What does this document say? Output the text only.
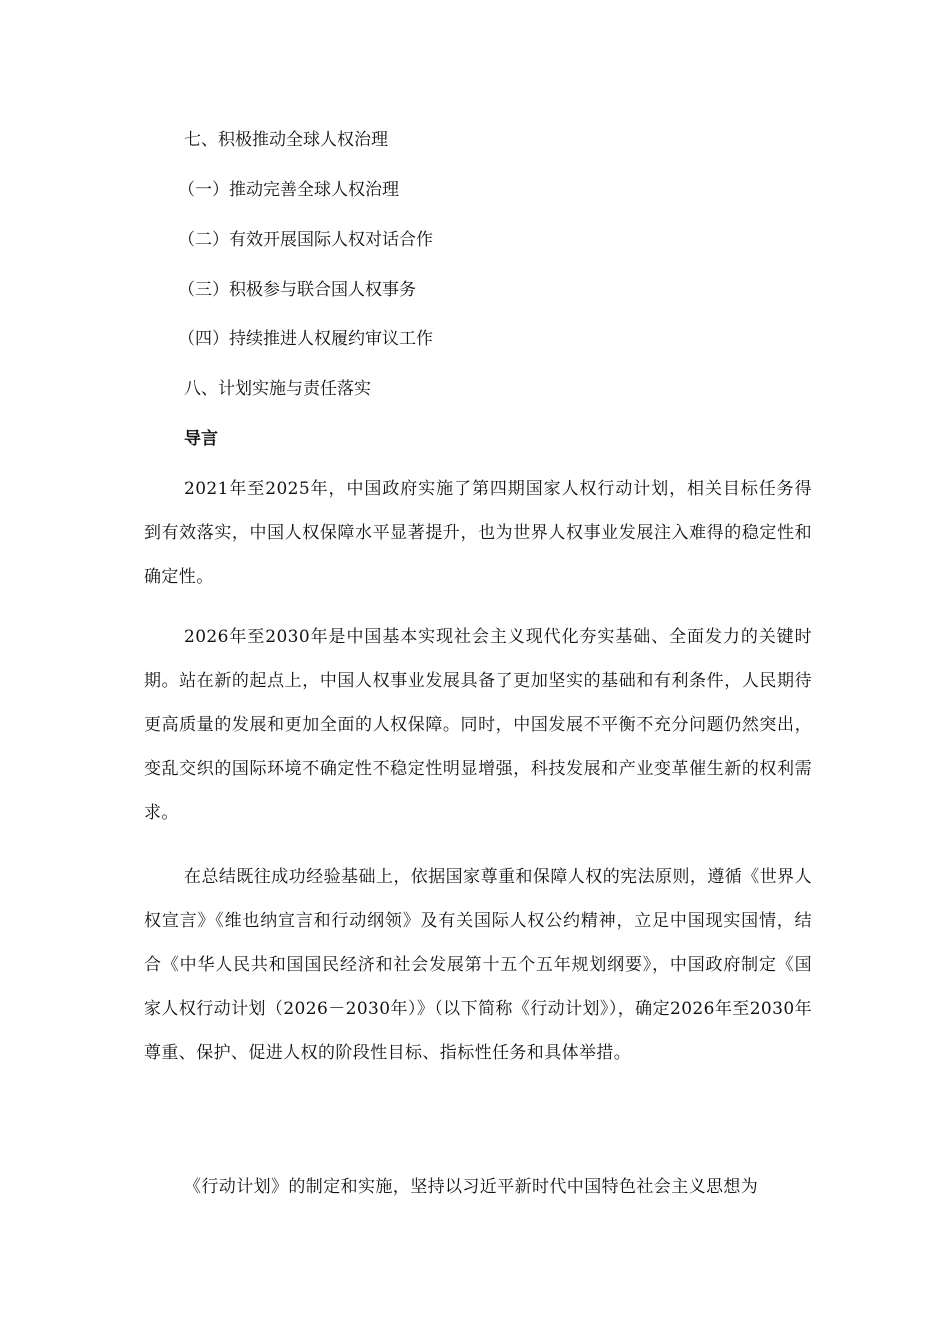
七、积极推动全球人权治理
（一）推动完善全球人权治理
（二）有效开展国际人权对话合作
（三）积极参与联合国人权事务
（四）持续推进人权履约审议工作
八、计划实施与责任落实
导言

2021年至2025年，中国政府实施了第四期国家人权行动计划，相关目标任务得到有效落实，中国人权保障水平显著提升，也为世界人权事业发展注入难得的稳定性和确定性。

2026年至2030年是中国基本实现社会主义现代化夯实基础、全面发力的关键时期。站在新的起点上，中国人权事业发展具备了更加坚实的基础和有利条件，人民期待更高质量的发展和更加全面的人权保障。同时，中国发展不平衡不充分问题仍然突出，变乱交织的国际环境不确定性不稳定性明显增强，科技发展和产业变革催生新的权利需求。

在总结既往成功经验基础上，依据国家尊重和保障人权的宪法原则，遵循《世界人权宣言》《维也纳宣言和行动纲领》及有关国际人权公约精神，立足中国现实国情，结合《中华人民共和国国民经济和社会发展第十五个五年规划纲要》，中国政府制定《国家人权行动计划（2026－2030年）》（以下简称《行动计划》），确定2026年至2030年尊重、保护、促进人权的阶段性目标、指标性任务和具体举措。

《行动计划》的制定和实施，坚持以习近平新时代中国特色社会主义思想为
